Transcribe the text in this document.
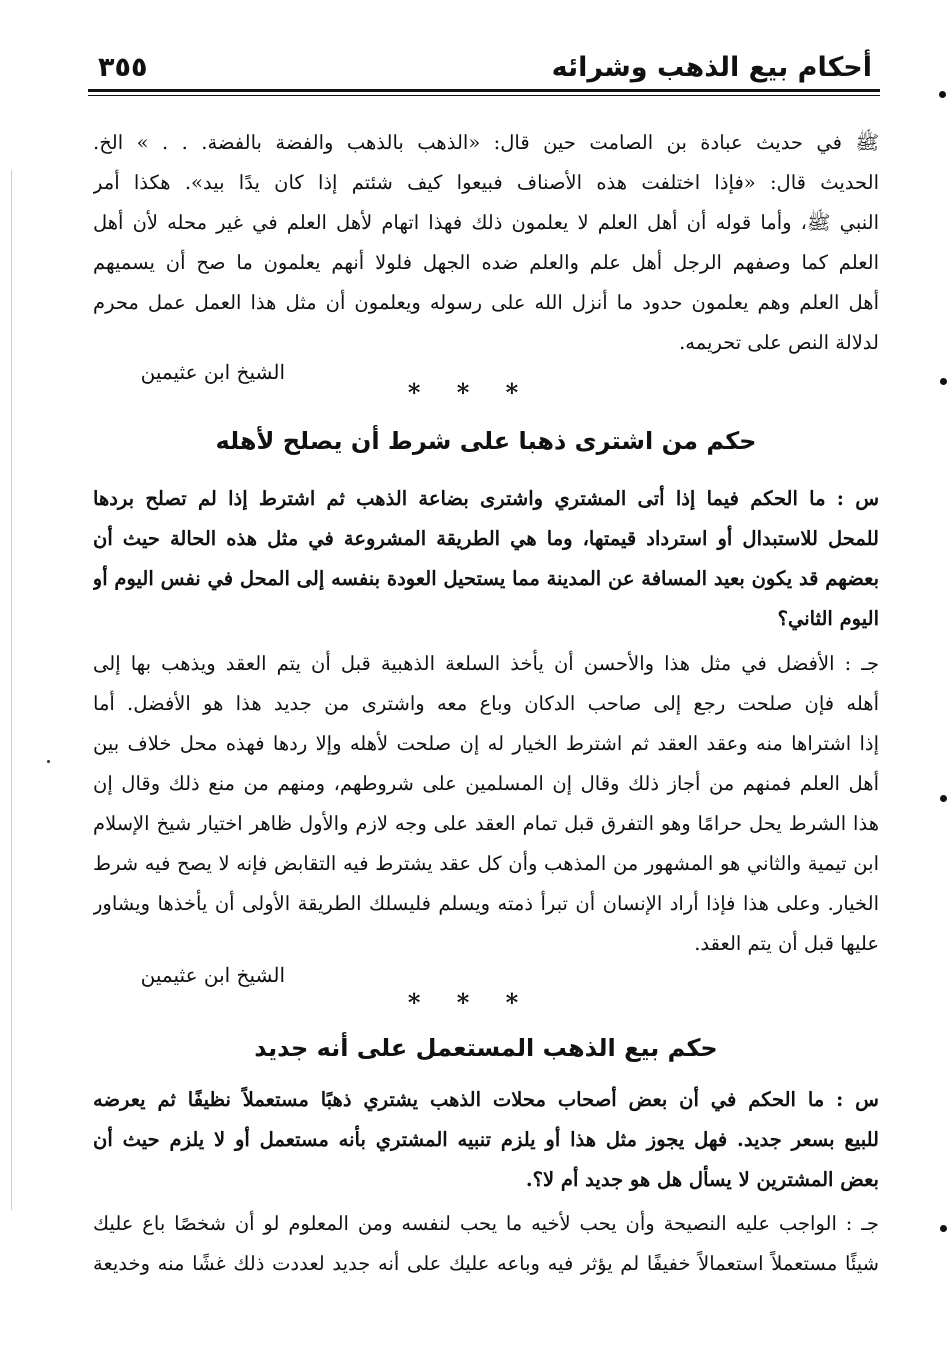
أحكام بيع الذهب وشرائه
٣٥٥
ﷺ في حديث عبادة بن الصامت حين قال: «الذهب بالذهب والفضة بالفضة. . . » الخ.
الحديث قال: «فإذا اختلفت هذه الأصناف فبيعوا كيف شئتم إذا كان يدًا بيد». هكذا أمر
النبي ﷺ، وأما قوله أن أهل العلم لا يعلمون ذلك فهذا اتهام لأهل العلم في غير محله لأن أهل
العلم كما وصفهم الرجل أهل علم والعلم ضده الجهل فلولا أنهم يعلمون ما صح أن يسميهم
أهل العلم وهم يعلمون حدود ما أنزل الله على رسوله ويعلمون أن مثل هذا العمل عمل محرم
لدلالة النص على تحريمه.
الشيخ ابن عثيمين
* * *
حكم من اشترى ذهبا على شرط أن يصلح لأهله
س : ما الحكم فيما إذا أتى المشتري واشترى بضاعة الذهب ثم اشترط إذا لم تصلح بردها
للمحل للاستبدال أو استرداد قيمتها، وما هي الطريقة المشروعة في مثل هذه الحالة حيث أن
بعضهم قد يكون بعيد المسافة عن المدينة مما يستحيل العودة بنفسه إلى المحل في نفس اليوم أو
اليوم الثاني؟
جـ : الأفضل في مثل هذا والأحسن أن يأخذ السلعة الذهبية قبل أن يتم العقد ويذهب بها إلى
أهله فإن صلحت رجع إلى صاحب الدكان وباع معه واشترى من جديد هذا هو الأفضل. أما
إذا اشتراها منه وعقد العقد ثم اشترط الخيار له إن صلحت لأهله وإلا ردها فهذه محل خلاف بين
أهل العلم فمنهم من أجاز ذلك وقال إن المسلمين على شروطهم، ومنهم من منع ذلك وقال إن
هذا الشرط يحل حرامًا وهو التفرق قبل تمام العقد على وجه لازم والأول ظاهر اختيار شيخ الإسلام
ابن تيمية والثاني هو المشهور من المذهب وأن كل عقد يشترط فيه التقابض فإنه لا يصح فيه شرط
الخيار. وعلى هذا فإذا أراد الإنسان أن تبرأ ذمته ويسلم فليسلك الطريقة الأولى أن يأخذها ويشاور
عليها قبل أن يتم العقد.
الشيخ ابن عثيمين
* * *
حكم بيع الذهب المستعمل على أنه جديد
س : ما الحكم في أن بعض أصحاب محلات الذهب يشتري ذهبًا مستعملاً نظيفًا ثم يعرضه
للبيع بسعر جديد. فهل يجوز مثل هذا أو يلزم تنبيه المشتري بأنه مستعمل أو لا يلزم حيث أن
بعض المشترين لا يسأل هل هو جديد أم لا؟.
جـ : الواجب عليه النصيحة وأن يحب لأخيه ما يحب لنفسه ومن المعلوم لو أن شخصًا باع عليك
شيئًا مستعملاً استعمالاً خفيفًا لم يؤثر فيه وباعه عليك على أنه جديد لعددت ذلك غشًا منه وخديعة
